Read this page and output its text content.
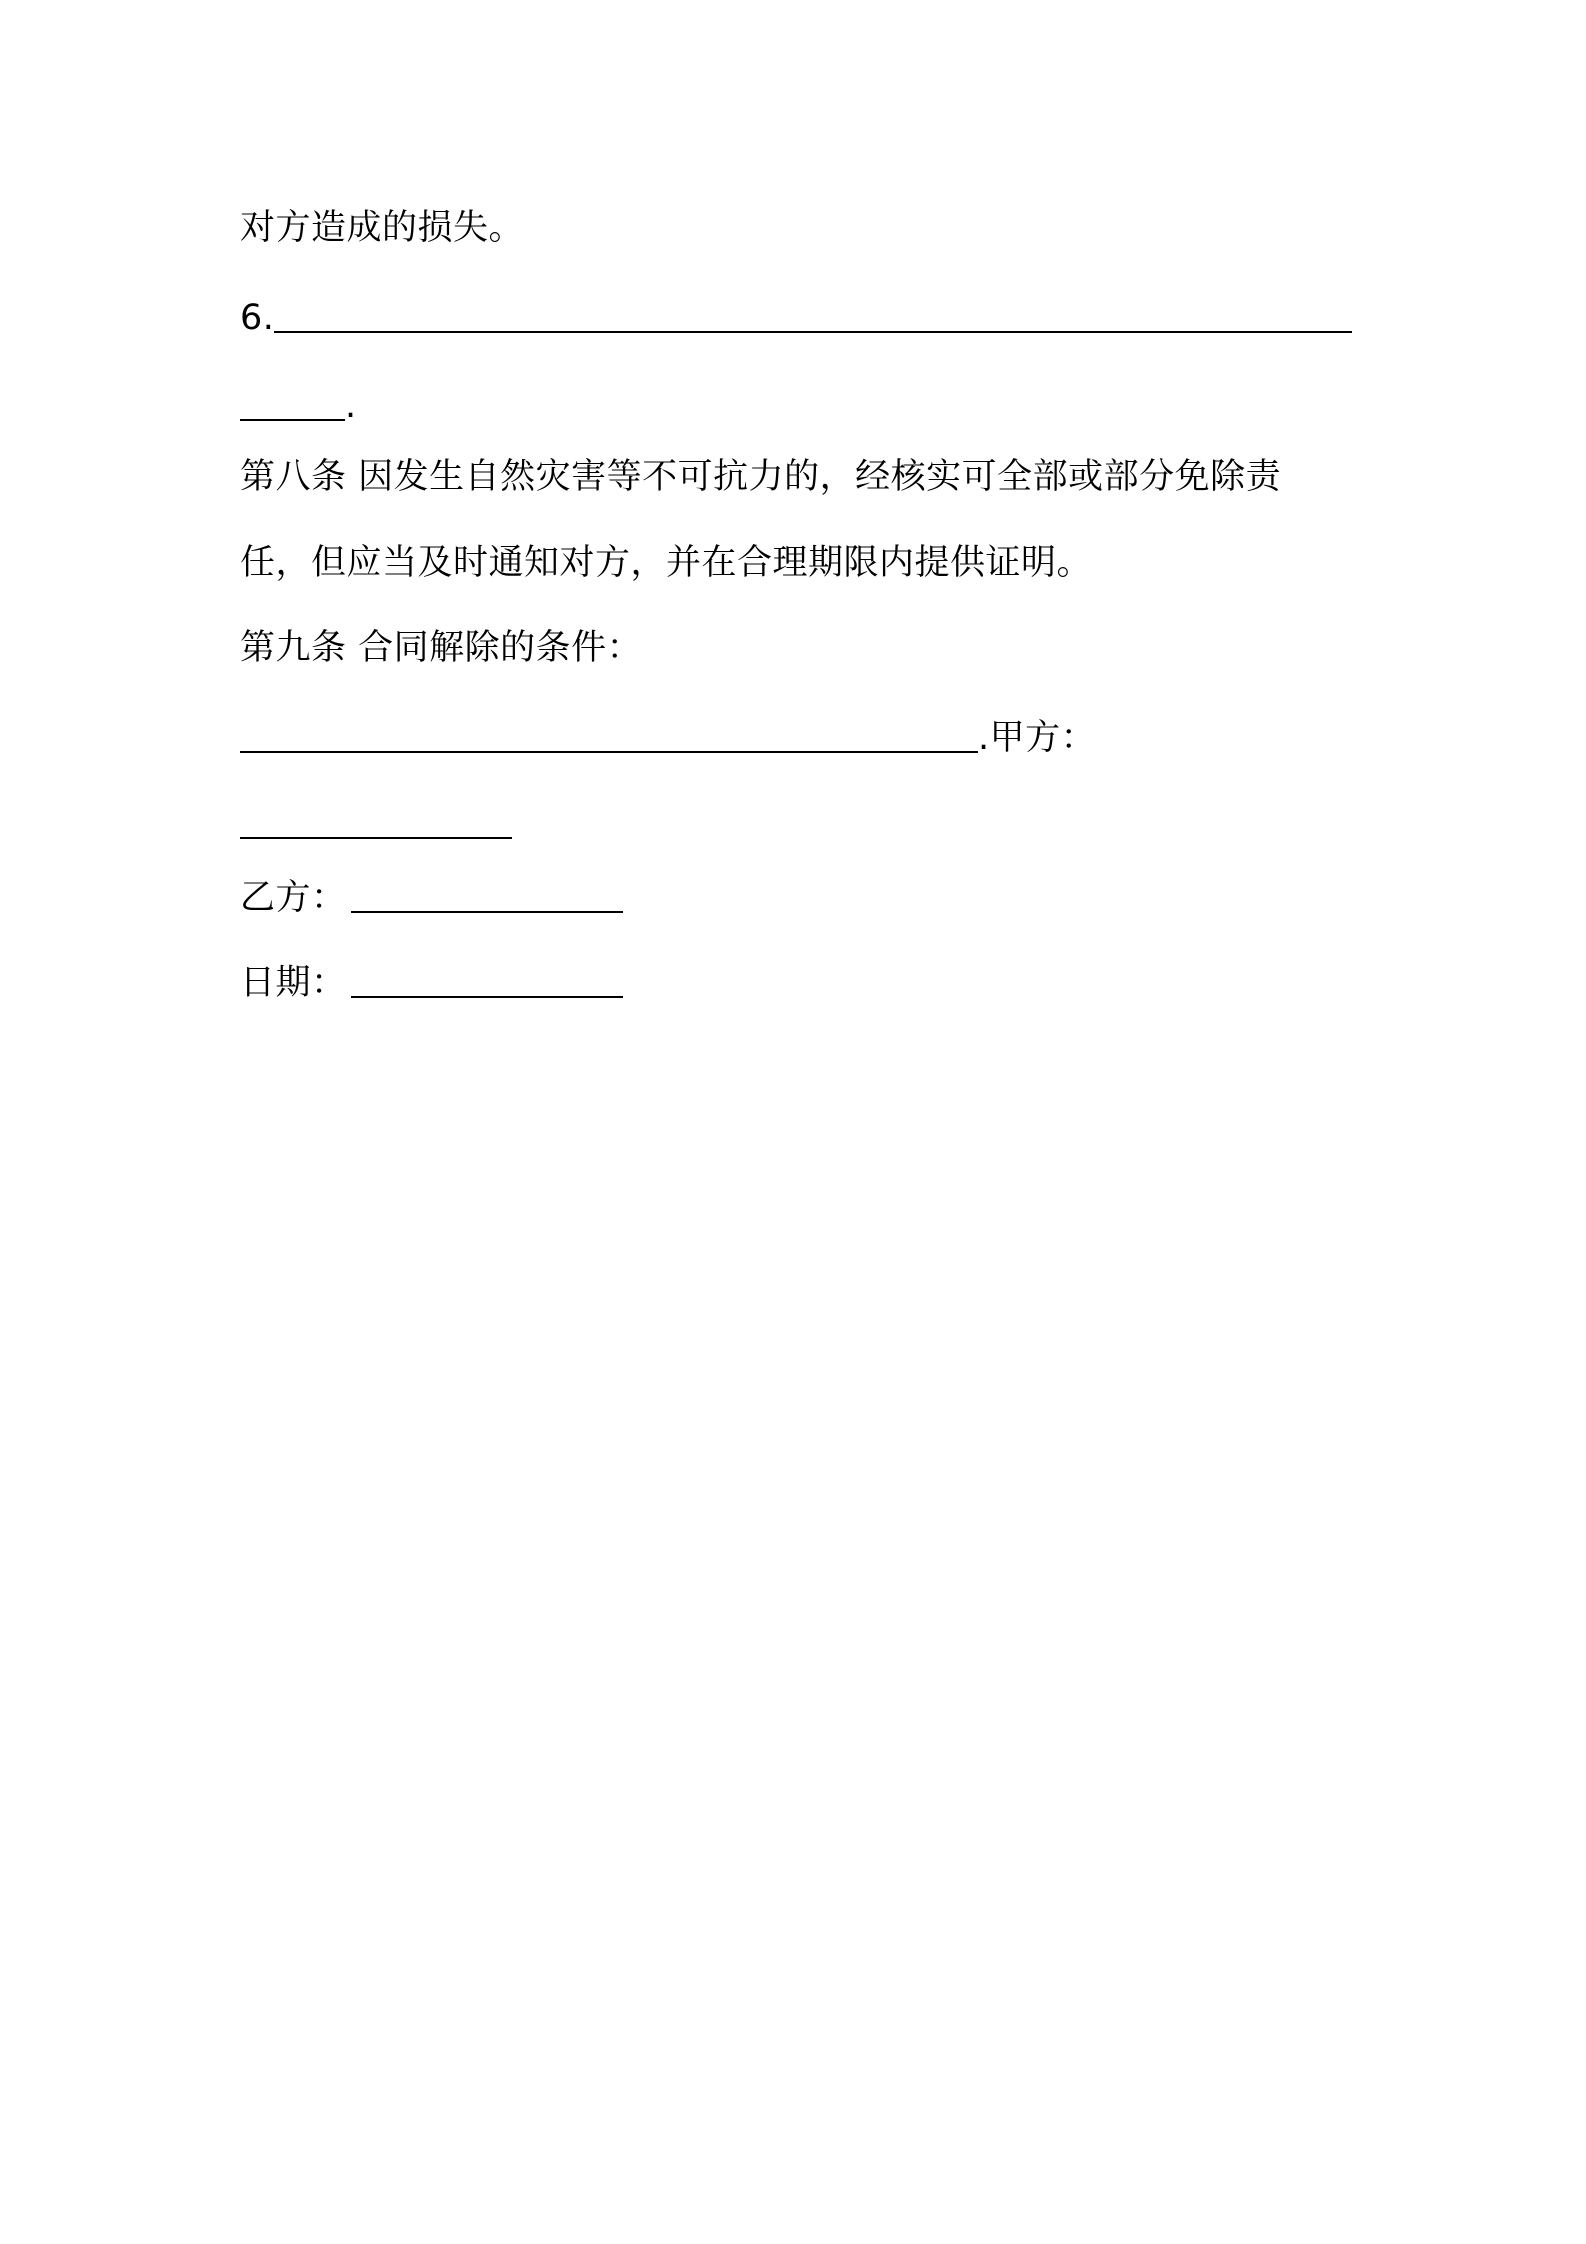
对方造成的损失。
6.
.
第八条 因发生自然灾害等不可抗力的，经核实可全部或部分免除责
任，但应当及时通知对方，并在合理期限内提供证明。
第九条 合同解除的条件：
.甲方：
乙方：
日期：
